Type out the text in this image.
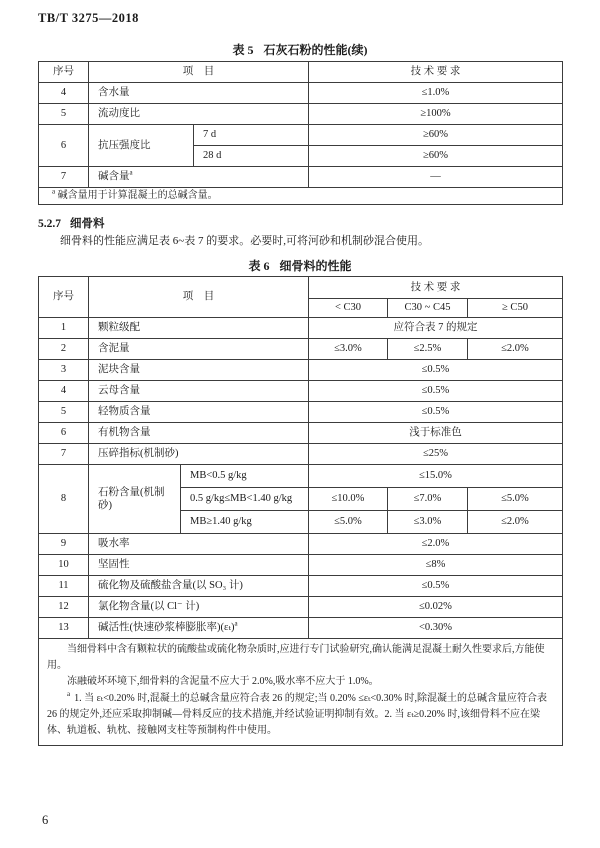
TB/T 3275—2018
表 5 石灰石粉的性能(续)
序号	项　目		技 术 要 求
4	含水量		≤1.0%
5	流动度比		≥100%
6	抗压强度比	7 d	≥60%
		28 d	≥60%
7	碱含量$^a$		—
$^a$ 碱含量用于计算混凝土的总碱含量。			
5.2.7 细骨料
细骨料的性能应满足表 6~表 7 的要求。必要时,可将河砂和机制砂混合使用。
表 6 细骨料的性能
序号	项　目		技 术 要 求		
			< C30	C30 ~ C45	≥ C50
1	颗粒级配		应符合表 7 的规定		
2	含泥量		≤3.0%	≤2.5%	≤2.0%
3	泥块含量		≤0.5%		
4	云母含量		≤0.5%		
5	轻物质含量		≤0.5%		
6	有机物含量		浅于标准色		
7	压碎指标(机制砂)		≤25%		
8	石粉含量(机制砂)	MB<0.5 g/kg	≤15.0%		
		0.5 g/kg≤MB<1.40 g/kg	≤10.0%	≤7.0%	≤5.0%
		MB≥1.40 g/kg	≤5.0%	≤3.0%	≤2.0%
9	吸水率		≤2.0%		
10	坚固性		≤8%		
11	硫化物及硫酸盐含量(以 SO₃ 计)		≤0.5%		
12	氯化物含量(以 Cl⁻ 计)		≤0.02%		
13	碱活性(快速砂浆棒膨胀率)$(\varepsilon_t)^a$		<0.30%		

当细骨料中含有颗粒状的硫酸盐或硫化物杂质时,应进行专门试验研究,确认能满足混凝土耐久性要求后,方能使用。

冻融破坏环境下,细骨料的含泥量不应大于 2.0%,吸水率不应大于 1.0%。

$^a$ 1. 当 εₜ<0.20% 时,混凝土的总碱含量应符合表 26 的规定;当 0.20% ≤εₜ<0.30% 时,除混凝土的总碱含量应符合表 26 的规定外,还应采取抑制碱—骨料反应的技术措施,并经试验证明抑制有效。2. 当 εₜ≥0.20% 时,该细骨料不应在梁体、轨道板、轨枕、接触网支柱等预制构件中使用。					

6
